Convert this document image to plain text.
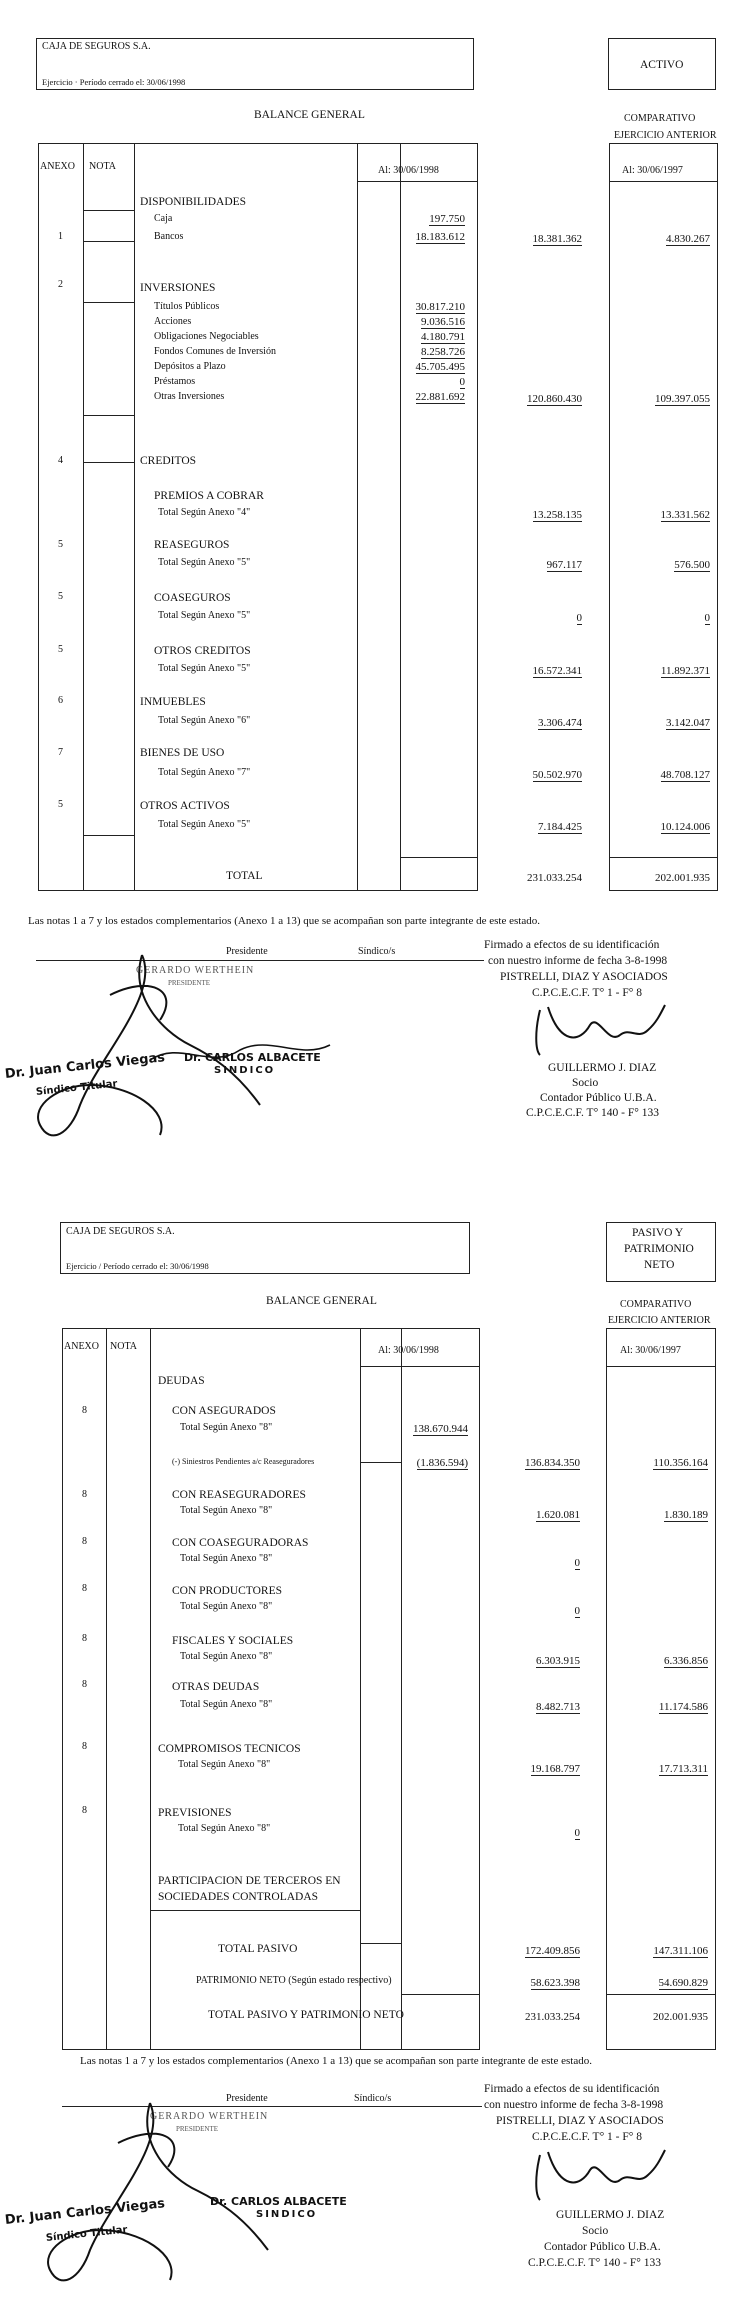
CAJA DE SEGUROS S.A.
Ejercicio · Período cerrado el: 30/06/1998
ACTIVO
BALANCE GENERAL	COMPARATIVO
EJERCICIO ANTERIOR
ANEXO NOTA	Al: 30/06/1998	Al: 30/06/1997
DISPONIBILIDADES
Caja	197.750
1	Bancos	18.183.612	18.381.362	4.830.267
2	INVERSIONES
Títulos Públicos	30.817.210
Acciones	9.036.516
Obligaciones Negociables	4.180.791
Fondos Comunes de Inversión	8.258.726
Depósitos a Plazo	45.705.495
Préstamos	0
Otras Inversiones	22.881.692	120.860.430	109.397.055
4	CREDITOS
PREMIOS A COBRAR
Total Según Anexo "4"	13.258.135	13.331.562
5	REASEGUROS
Total Según Anexo "5"	967.117	576.500
5	COASEGUROS
Total Según Anexo "5"	0	0
5	OTROS CREDITOS
Total Según Anexo "5"	16.572.341	11.892.371
6	INMUEBLES
Total Según Anexo "6"	3.306.474	3.142.047
7	BIENES DE USO
Total Según Anexo "7"	50.502.970	48.708.127
5	OTROS ACTIVOS
Total Según Anexo "5"	7.184.425	10.124.006
TOTAL	231.033.254	202.001.935
Las notas 1 a 7 y los estados complementarios (Anexo 1 a 13) que se acompañan son parte integrante de este estado.
Presidente	Síndico/s
Firmado a efectos de su identificación
con nuestro informe de fecha 3-8-1998
PISTRELLI, DIAZ Y ASOCIADOS
C.P.C.E.C.F. T° 1 - F° 8
GERARDO WERTHEIN
PRESIDENTE
Dr. Juan Carlos Viegas
Síndico Titular
Dr. CARLOS ALBACETE
SINDICO	GUILLERMO J. DIAZ
Socio
Contador Público U.B.A.
C.P.C.E.C.F. T° 140 - F° 133
CAJA DE SEGUROS S.A.
Ejercicio / Período cerrado el: 30/06/1998
PASIVO Y
PATRIMONIO
NETO
BALANCE GENERAL	COMPARATIVO
EJERCICIO ANTERIOR
ANEXO NOTA	Al: 30/06/1998	Al: 30/06/1997
DEUDAS
8	CON ASEGURADOS
Total Según Anexo "8"	138.670.944
(-) Siniestros Pendientes a/c Reaseguradores	(1.836.594)	136.834.350	110.356.164
8	CON REASEGURADORES
Total Según Anexo "8"	1.620.081	1.830.189
8	CON COASEGURADORAS
Total Según Anexo "8"	0
8	CON PRODUCTORES
Total Según Anexo "8"	0
8	FISCALES Y SOCIALES
Total Según Anexo "8"	6.303.915	6.336.856
8	OTRAS DEUDAS
Total Según Anexo "8"	8.482.713	11.174.586
8	COMPROMISOS TECNICOS
Total Según Anexo "8"	19.168.797	17.713.311
8	PREVISIONES
Total Según Anexo "8"	0
PARTICIPACION DE TERCEROS EN
SOCIEDADES CONTROLADAS
TOTAL PASIVO	172.409.856	147.311.106
PATRIMONIO NETO (Según estado respectivo)	58.623.398	54.690.829
TOTAL PASIVO Y PATRIMONIO NETO	231.033.254	202.001.935
Las notas 1 a 7 y los estados complementarios (Anexo 1 a 13) que se acompañan son parte integrante de este estado.
Presidente	Síndico/s
Firmado a efectos de su identificación
con nuestro informe de fecha 3-8-1998
PISTRELLI, DIAZ Y ASOCIADOS
C.P.C.E.C.F. T° 1 - F° 8
GERARDO WERTHEIN
PRESIDENTE
Dr. Juan Carlos Viegas
Síndico Titular
Dr. CARLOS ALBACETE
SINDICO	GUILLERMO J. DIAZ
Socio
Contador Público U.B.A.
C.P.C.E.C.F. T° 140 - F° 133
